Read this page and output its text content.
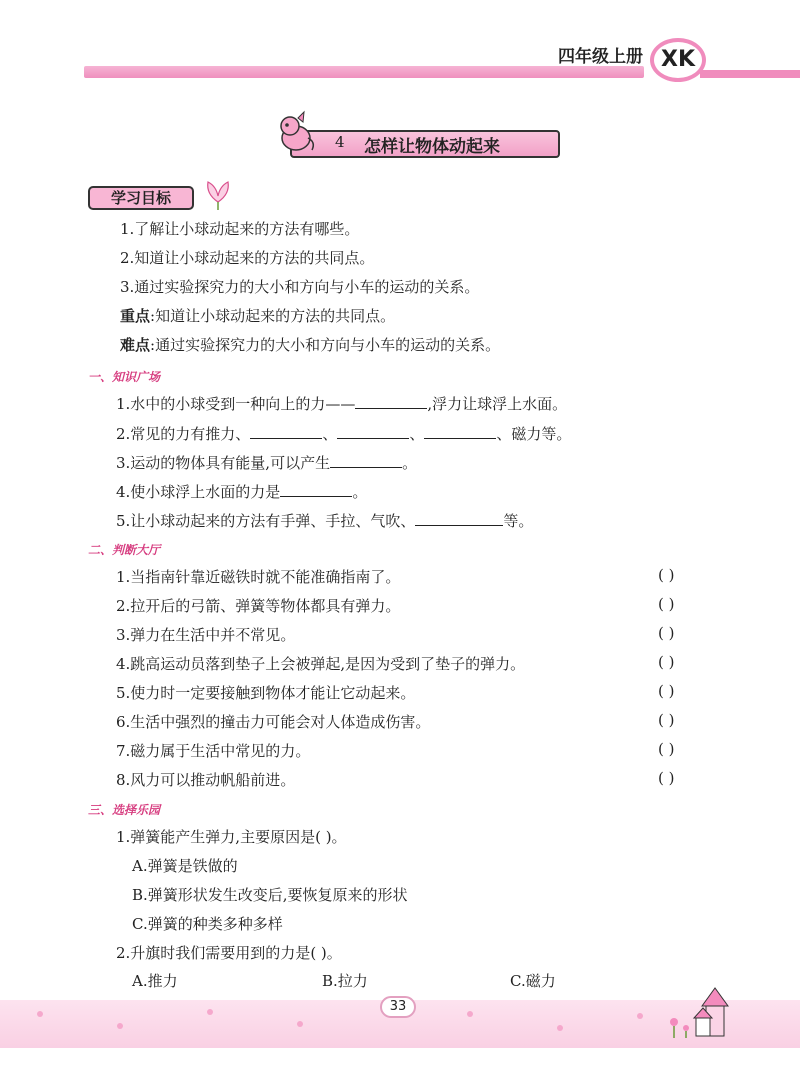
四年级上册 XK
4 怎样让物体动起来
学习目标
1.了解让小球动起来的方法有哪些。
2.知道让小球动起来的方法的共同点。
3.通过实验探究力的大小和方向与小车的运动的关系。
重点:知道让小球动起来的方法的共同点。
难点:通过实验探究力的大小和方向与小车的运动的关系。
一、知识广场
1.水中的小球受到一种向上的力——	,浮力让球浮上水面。
2.常见的力有推力、	、	、	、磁力等。
3.运动的物体具有能量,可以产生	。
4.使小球浮上水面的力是	。
5.让小球动起来的方法有手弹、手拉、气吹、	等。
二、判断大厅
1.当指南针靠近磁铁时就不能准确指南了。	( )
2.拉开后的弓箭、弹簧等物体都具有弹力。	( )
3.弹力在生活中并不常见。	( )
4.跳高运动员落到垫子上会被弹起,是因为受到了垫子的弹力。	( )
5.使力时一定要接触到物体才能让它动起来。	( )
6.生活中强烈的撞击力可能会对人体造成伤害。	( )
7.磁力属于生活中常见的力。	( )
8.风力可以推动帆船前进。	( )
三、选择乐园
1.弹簧能产生弹力,主要原因是( )。
A.弹簧是铁做的
B.弹簧形状发生改变后,要恢复原来的形状
C.弹簧的种类多种多样
2.升旗时我们需要用到的力是( )。
A.推力	B.拉力	C.磁力
33
